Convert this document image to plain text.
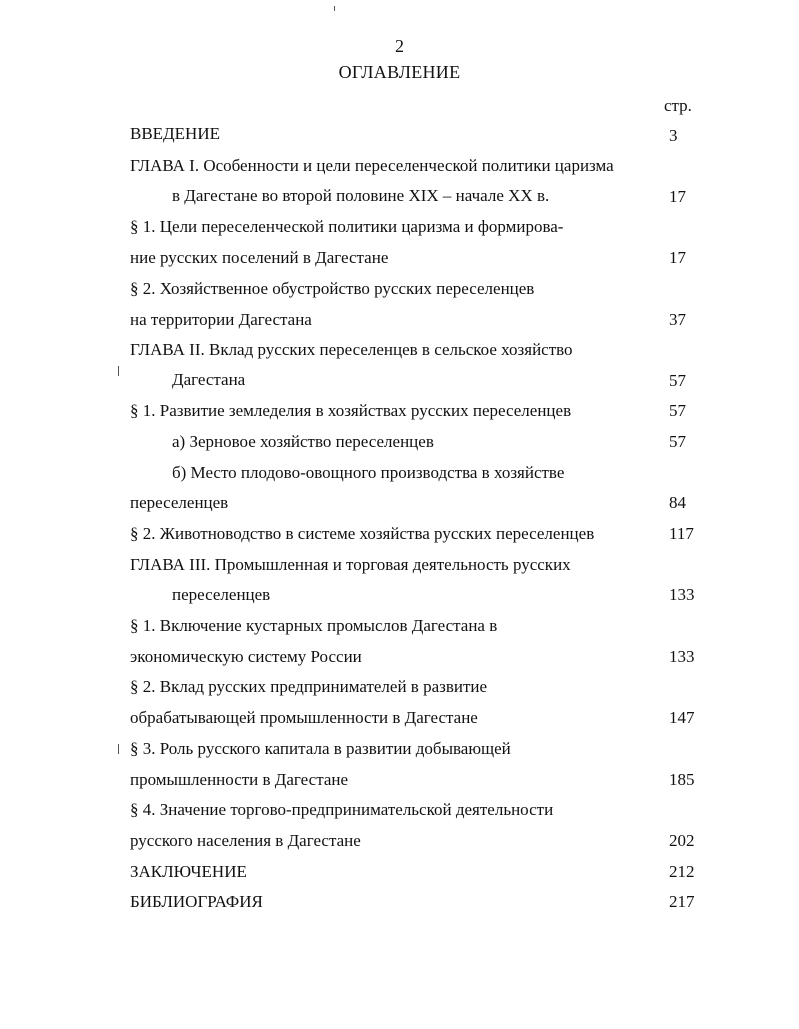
2
ОГЛАВЛЕНИЕ
стр.
ВВЕДЕНИЕ	3
ГЛАВА I. Особенности и цели переселенческой политики царизма
в Дагестане во второй половине XIX – начале XX в.	17
§ 1. Цели переселенческой политики царизма и формирова-
ние русских поселений в Дагестане	17
§ 2. Хозяйственное обустройство русских переселенцев
на территории Дагестана	37
ГЛАВА II. Вклад русских переселенцев в сельское хозяйство
Дагестана	57
§ 1. Развитие земледелия в хозяйствах русских переселенцев	57
а) Зерновое хозяйство переселенцев	57
б) Место плодово-овощного производства в хозяйстве
переселенцев	84
§ 2. Животноводство в системе хозяйства русских переселенцев	117
ГЛАВА III. Промышленная и торговая деятельность русских
переселенцев	133
§ 1. Включение кустарных промыслов Дагестана в
экономическую систему России	133
§ 2. Вклад русских предпринимателей в развитие
обрабатывающей промышленности в Дагестане	147
§ 3. Роль русского капитала в развитии добывающей
промышленности в Дагестане	185
§ 4. Значение торгово-предпринимательской деятельности
русского населения в Дагестане	202
ЗАКЛЮЧЕНИЕ	212
БИБЛИОГРАФИЯ	217
